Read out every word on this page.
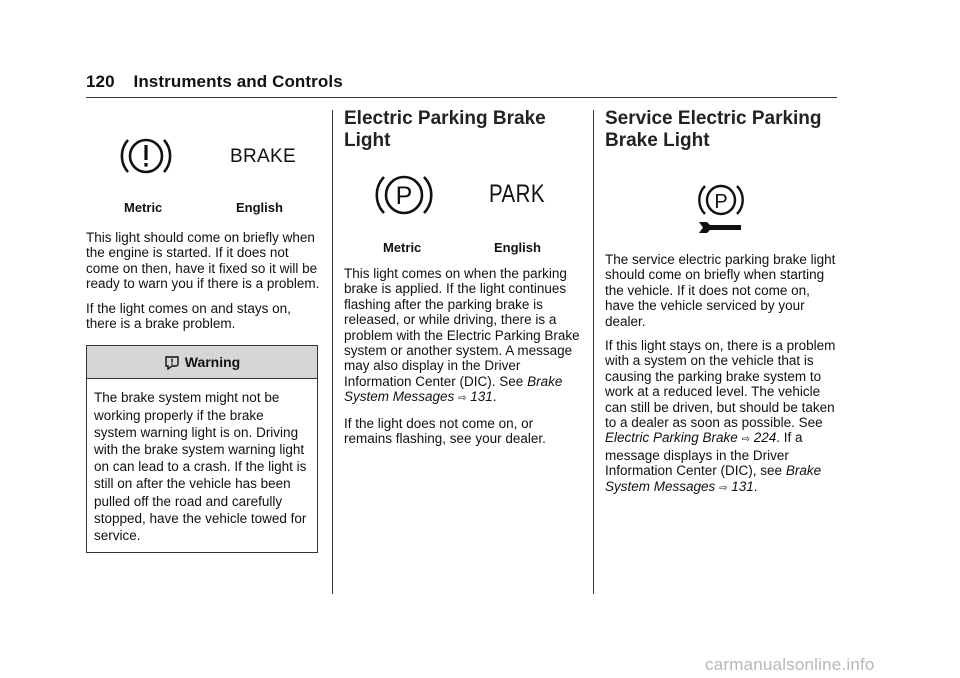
120 Instruments and Controls
BRAKE
Metric	English

This light should come on briefly when the engine is started. If it does not come on then, have it fixed so it will be ready to warn you if there is a problem.

If the light comes on and stays on, there is a brake problem.

Warning
The brake system might not be working properly if the brake system warning light is on. Driving with the brake system warning light on can lead to a crash. If the light is still on after the vehicle has been pulled off the road and carefully stopped, have the vehicle towed for service.
Electric Parking Brake Light
P	PARK
Metric	English

This light comes on when the parking brake is applied. If the light continues flashing after the parking brake is released, or while driving, there is a problem with the Electric Parking Brake system or another system. A message may also display in the Driver Information Center (DIC). See Brake System Messages ⇨ 131.

If the light does not come on, or remains flashing, see your dealer.

Service Electric Parking Brake Light
P

The service electric parking brake light should come on briefly when starting the vehicle. If it does not come on, have the vehicle serviced by your dealer.

If this light stays on, there is a problem with a system on the vehicle that is causing the parking brake system to work at a reduced level. The vehicle can still be driven, but should be taken to a dealer as soon as possible. See Electric Parking Brake ⇨ 224. If a message displays in the Driver Information Center (DIC), see Brake System Messages ⇨ 131.

carmanualsonline.info
